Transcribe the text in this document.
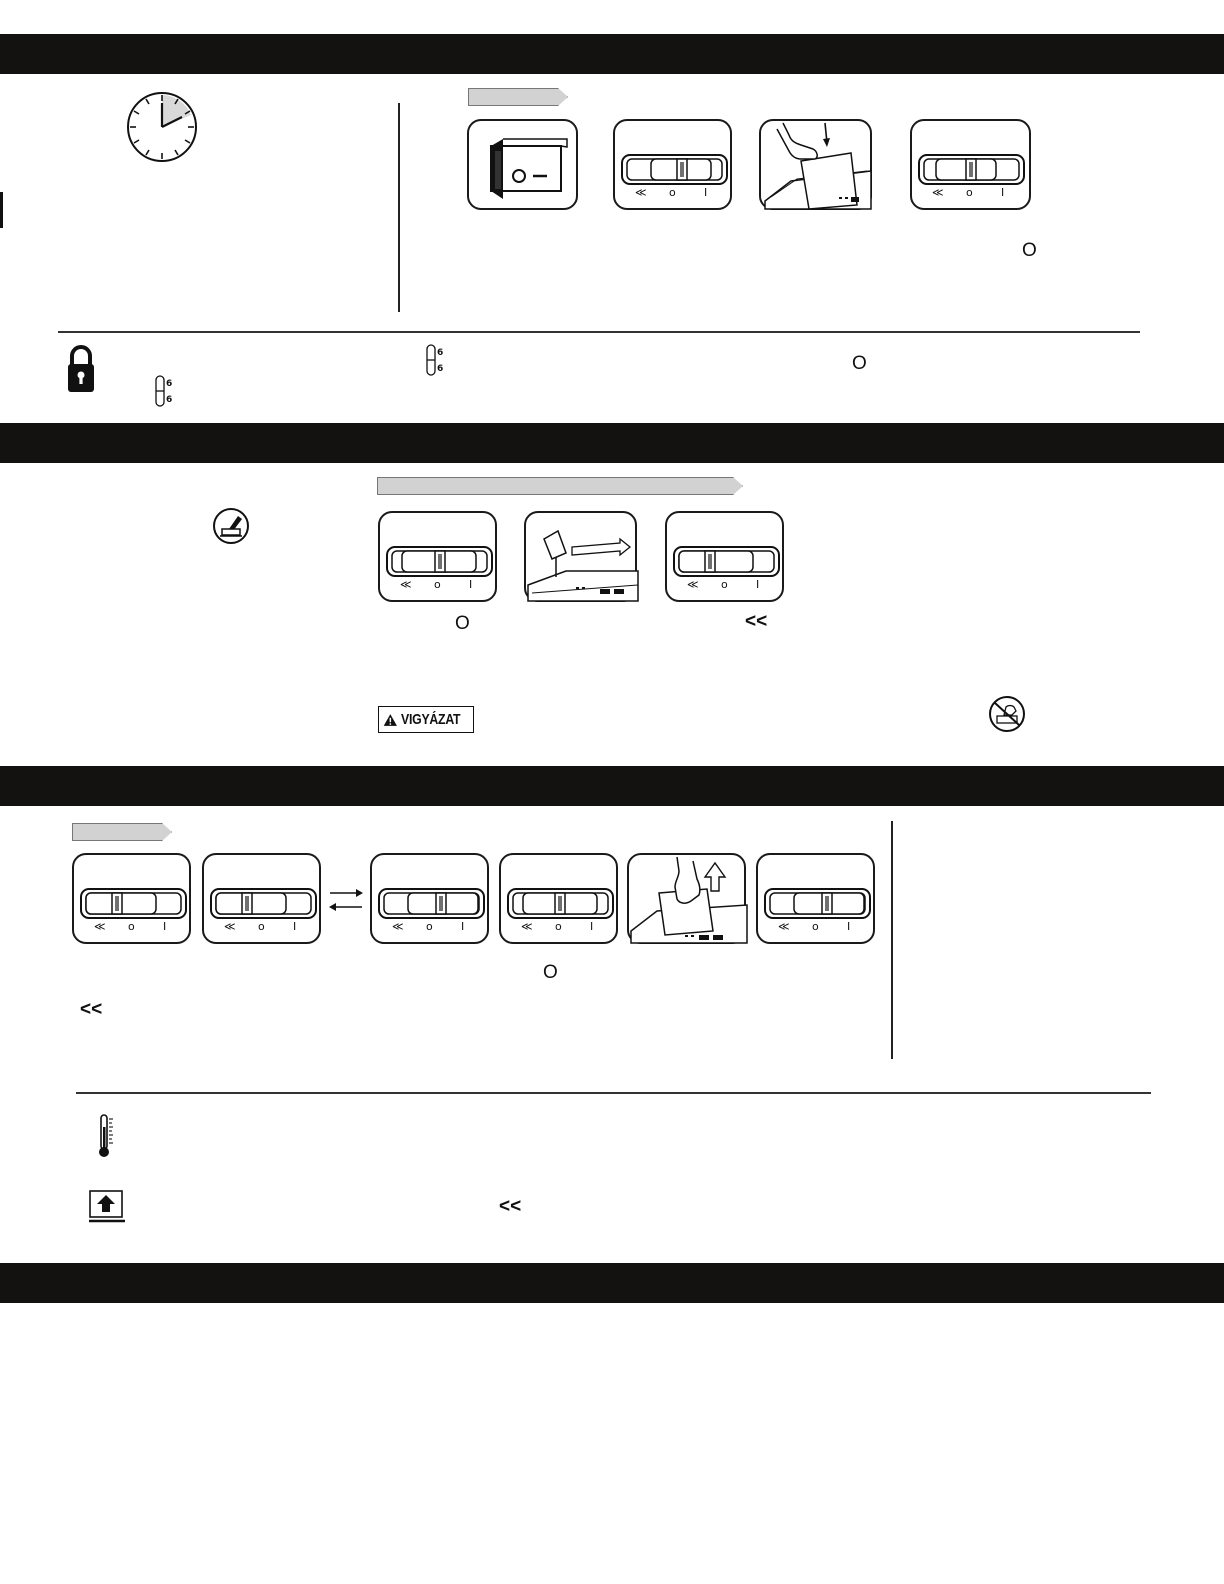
≪ o	I	≪ o	I
O
6
6	O
6
6
≪ o	I	≪ o	I
O	<<
VIGYÁZAT
≪ o	I	≪ o	I	≪ o	I	≪ o	I	≪ o	I
O
<<
<<
